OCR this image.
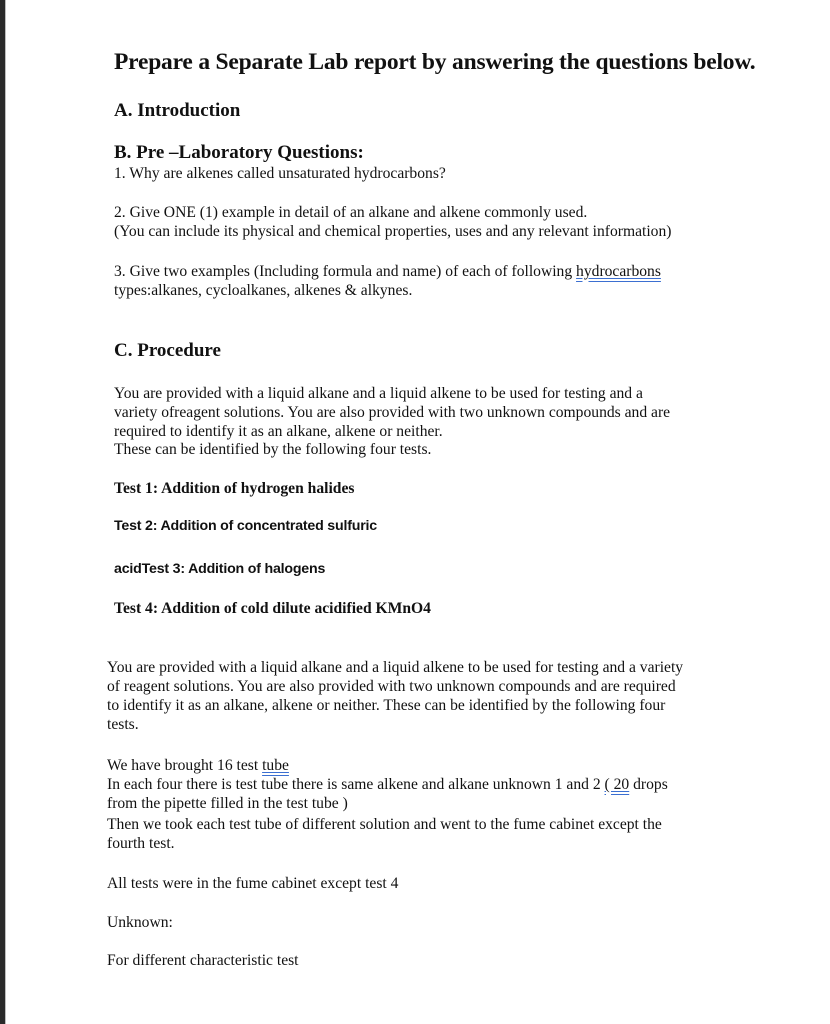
Prepare a Separate Lab report by answering the questions below.
A. Introduction
B. Pre –Laboratory Questions:
1. Why are alkenes called unsaturated hydrocarbons?
2. Give ONE (1) example in detail of an alkane and alkene commonly used.
(You can include its physical and chemical properties, uses and any relevant information)
3. Give two examples (Including formula and name) of each of following hydrocarbons
types:alkanes, cycloalkanes, alkenes & alkynes.
C. Procedure
You are provided with a liquid alkane and a liquid alkene to be used for testing and a
variety ofreagent solutions. You are also provided with two unknown compounds and are
required to identify it as an alkane, alkene or neither.
These can be identified by the following four tests.
Test 1: Addition of hydrogen halides
Test 2: Addition of concentrated sulfuric
acidTest 3: Addition of halogens
Test 4: Addition of cold dilute acidified KMnO4
You are provided with a liquid alkane and a liquid alkene to be used for testing and a variety
of reagent solutions. You are also provided with two unknown compounds and are required
to identify it as an alkane, alkene or neither. These can be identified by the following four
tests.
We have brought 16 test tube
In each four there is test tube there is same alkene and alkane unknown 1 and 2 ( 20 drops
from the pipette filled in the test tube )
Then we took each test tube of different solution and went to the fume cabinet except the
fourth test.
All tests were in the fume cabinet except test 4
Unknown:
For different characteristic test
